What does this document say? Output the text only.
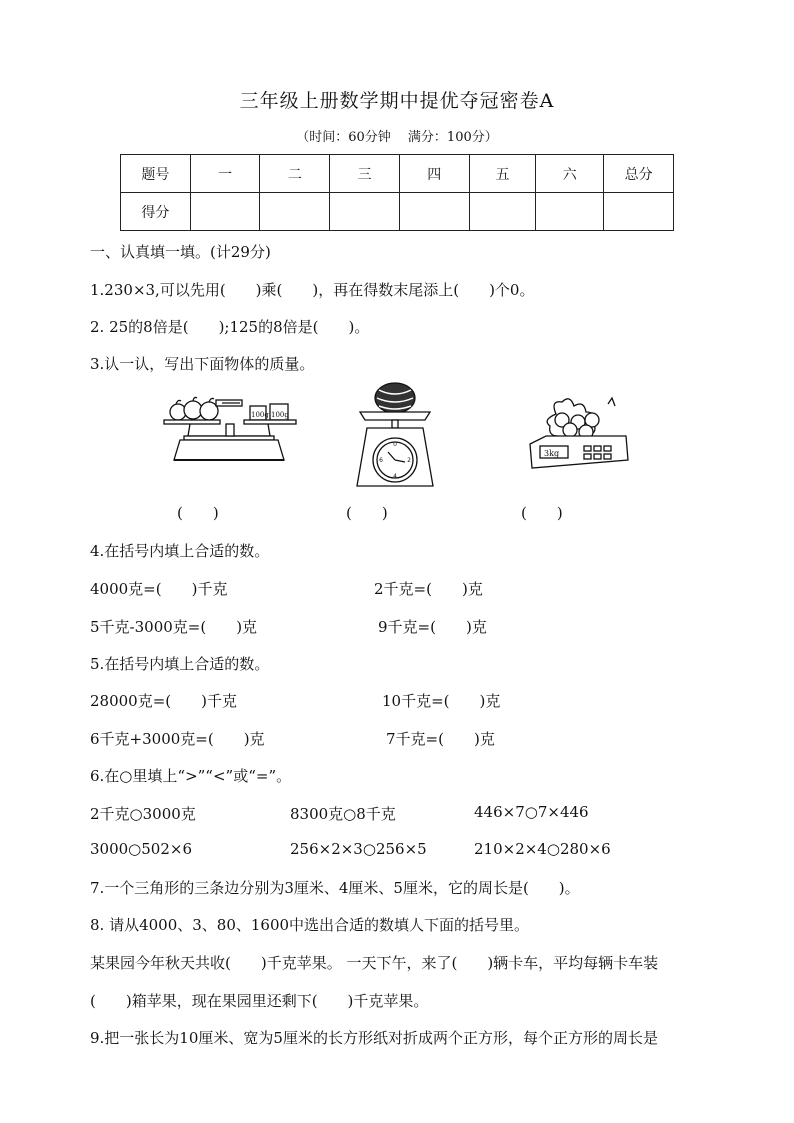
三年级上册数学期中提优夺冠密卷A
（时间：60分钟　 满分：100分）
题号	一	二	三	四	五	六	总分
得分							
一、认真填一填。(计29分)
1.230×3,可以先用(　　)乘(　　)，再在得数末尾添上(　　)个0。
2. 25的8倍是(　　);125的8倍是(　　)。
3.认一认，写出下面物体的质量。
100g 100g
0
2
4
6
3kg
(　　)	(　　)	(　　)
4.在括号内填上合适的数。
4000克=(　　)千克	2千克=(　　)克
5千克-3000克=(　　)克	9千克=(　　)克
5.在括号内填上合适的数。
28000克=(　　)千克	10千克=(　　)克
6千克+3000克=(　　)克	7千克=(　　)克
6.在○里填上“>”“<”或“=”。
2千克○3000克	8300克○8千克	446×7○7×446
3000○502×6	256×2×3○256×5	210×2×4○280×6
7.一个三角形的三条边分别为3厘米、4厘米、5厘米，它的周长是(　　)。
8. 请从4000、3、80、1600中选出合适的数填人下面的括号里。
某果园今年秋天共收(　　)千克苹果。 一天下午，来了(　　)辆卡车，平均每辆卡车装
(　　)箱苹果，现在果园里还剩下(　　)千克苹果。
9.把一张长为10厘米、宽为5厘米的长方形纸对折成两个正方形，每个正方形的周长是
